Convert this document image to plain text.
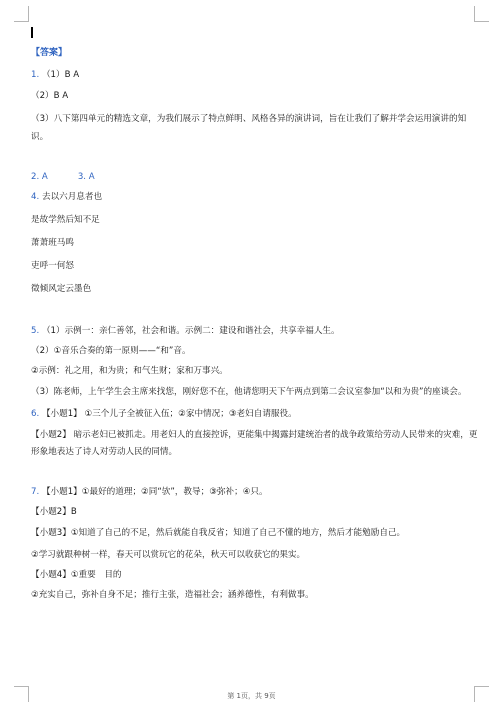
【答案】
1. （1）B A
（2）B A
（3）八下第四单元的精选文章，为我们展示了特点鲜明、风格各异的演讲词，旨在让我们了解并学会运用演讲的知识。
2. A	3. A
4. 去以六月息者也
是故学然后知不足
萧萧班马鸣
吏呼一何怒
徵倾风定云墨色
5. （1）示例一：亲仁善邻，社会和谐。示例二：建设和谐社会，共享幸福人生。
（2）①音乐合奏的第一原则——“和”音。
②示例：礼之用，和为贵；和气生财；家和万事兴。
（3）陈老师，上午学生会主席来找您，刚好您不在，他请您明天下午两点到第二会议室参加“以和为贵”的座谈会。
6. 【小题1】 ①三个儿子全被征入伍；②家中情况；③老妇自请服役。
【小题2】 暗示老妇已被抓走。用老妇人的直接控诉，更能集中揭露封建统治者的战争政策给劳动人民带来的灾难，更形象地表达了诗人对劳动人民的同情。
7. 【小题1】①最好的道理；②同“欤”，教导；③弥补；④只。
【小题2】B
【小题3】①知道了自己的不足，然后就能自我反省；知道了自己不懂的地方，然后才能勉励自己。
②学习就跟种树一样，春天可以赏玩它的花朵，秋天可以收获它的果实。
【小题4】①重要　目的
②充实自己，弥补自身不足；推行主张，造福社会；涵养德性，有利做事。
第 1页，共 9页
